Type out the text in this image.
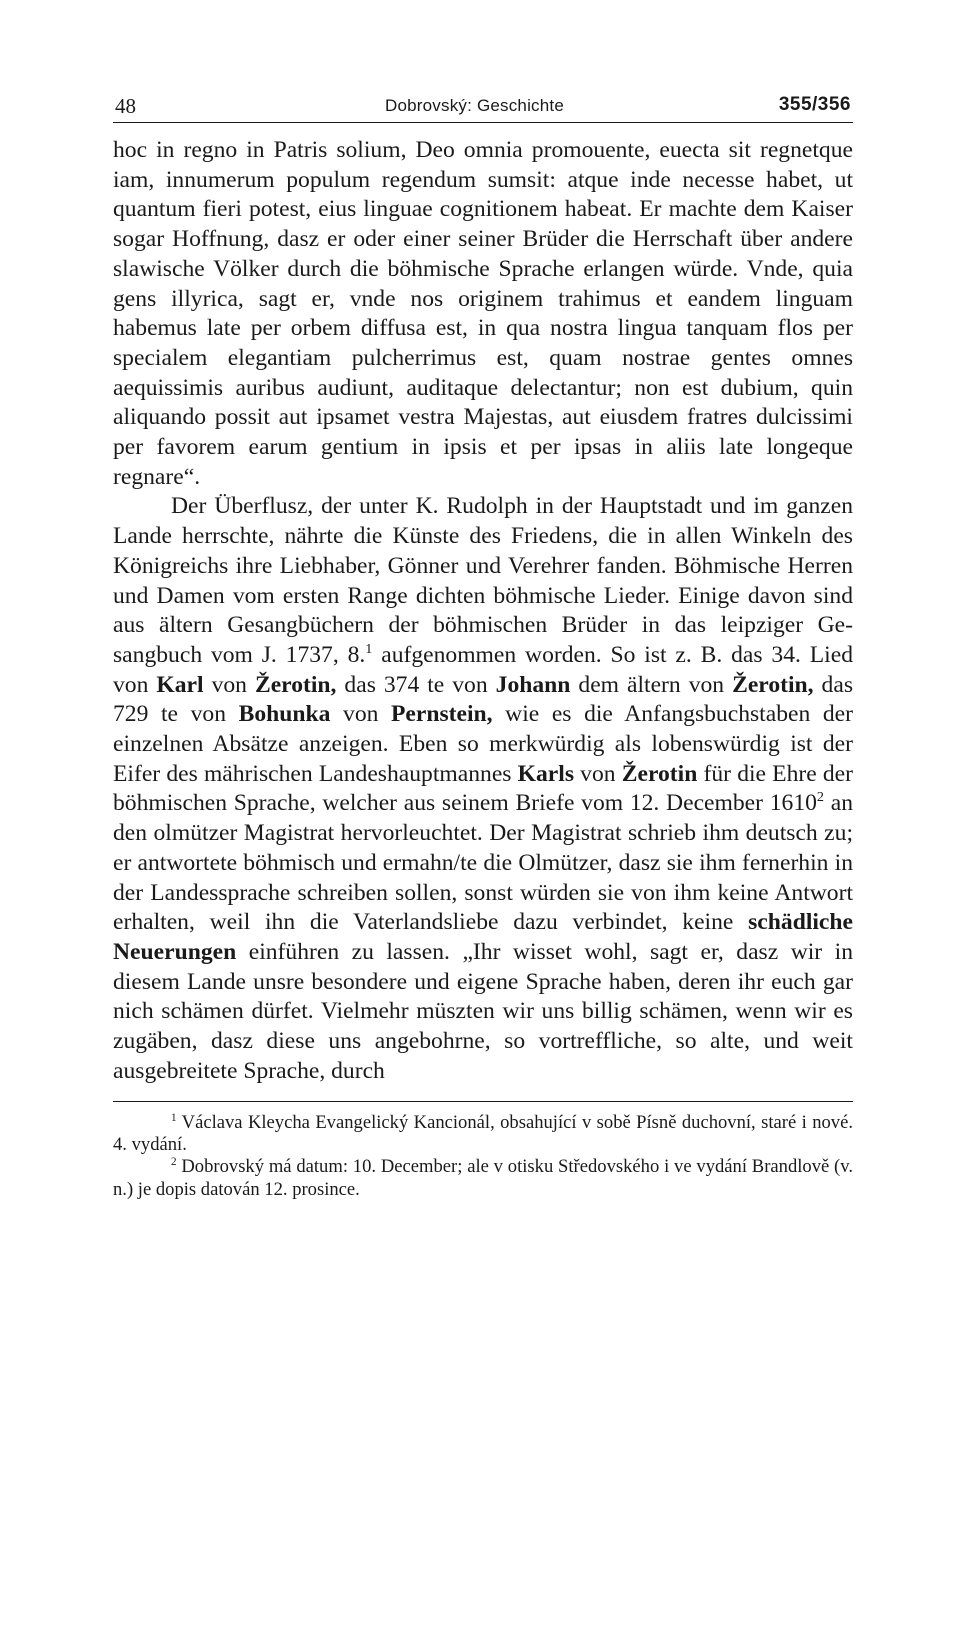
48	Dobrovský: Geschichte	355/356

hoc in regno in Patris solium, Deo omnia promouente, euecta sit regnetque iam, innumerum populum regendum sumsit: atque inde necesse habet, ut quantum fieri potest, eius linguae cognitionem habeat. Er machte dem Kaiser sogar Hoffnung, dasz er oder einer seiner Brüder die Herrschaft über andere slawische Völker durch die böhmische Sprache erlangen würde. Vnde, quia gens illyrica, sagt er, vnde nos originem trahimus et eandem linguam habemus late per orbem diffusa est, in qua nostra lingua tanquam flos per specialem elegantiam pulcherrimus est, quam nostrae gentes omnes aequissimis auribus audiunt, auditaque delectantur; non est dubium, quin aliquando possit aut ipsamet vestra Majestas, aut eiusdem fratres dulcissimi per favorem earum gentium in ipsis et per ipsas in aliis late longeque regnare“.

Der Überflusz, der unter K. Rudolph in der Hauptstadt und im ganzen Lande herrschte, nährte die Künste des Friedens, die in allen Winkeln des Königreichs ihre Liebhaber, Gönner und Verehrer fanden. Böhmische Herren und Damen vom ersten Range dichten böhmische Lieder. Einige davon sind aus ältern Gesangbüchern der böhmischen Brüder in das leipziger Gesangbuch vom J. 1737, 8.$^1$ aufgenommen worden. So ist z. B. das 34. Lied von Karl von Žerotin, das 374 te von Johann dem ältern von Žerotin, das 729 te von Bohunka von Pernstein, wie es die Anfangsbuchstaben der einzelnen Absätze anzeigen. Eben so merkwürdig als lobenswürdig ist der Eifer des mährischen Landeshauptmannes Karls von Žerotin für die Ehre der böhmischen Sprache, welcher aus seinem Briefe vom 12. December 1610$^2$ an den olmützer Magistrat hervorleuchtet. Der Magistrat schrieb ihm deutsch zu; er antwortete böhmisch und ermahn/te die Olmützer, dasz sie ihm fernerhin in der Landessprache schreiben sollen, sonst würden sie von ihm keine Antwort erhalten, weil ihn die Vaterlandsliebe dazu verbindet, keine schädliche Neuerungen einführen zu lassen. „Ihr wisset wohl, sagt er, dasz wir in diesem Lande unsre besondere und eigene Sprache haben, deren ihr euch gar nich schämen dürfet. Vielmehr müszten wir uns billig schämen, wenn wir es zugäben, dasz diese uns angebohrne, so vortreffliche, so alte, und weit ausgebreitete Sprache, durch

$^1$ Václava Kleycha Evangelický Kancionál, obsahující v sobě Písně duchovní, staré i nové. 4. vydání.

$^2$ Dobrovský má datum: 10. December; ale v otisku Středovského i ve vydání Brandlově (v. n.) je dopis datován 12. prosince.
